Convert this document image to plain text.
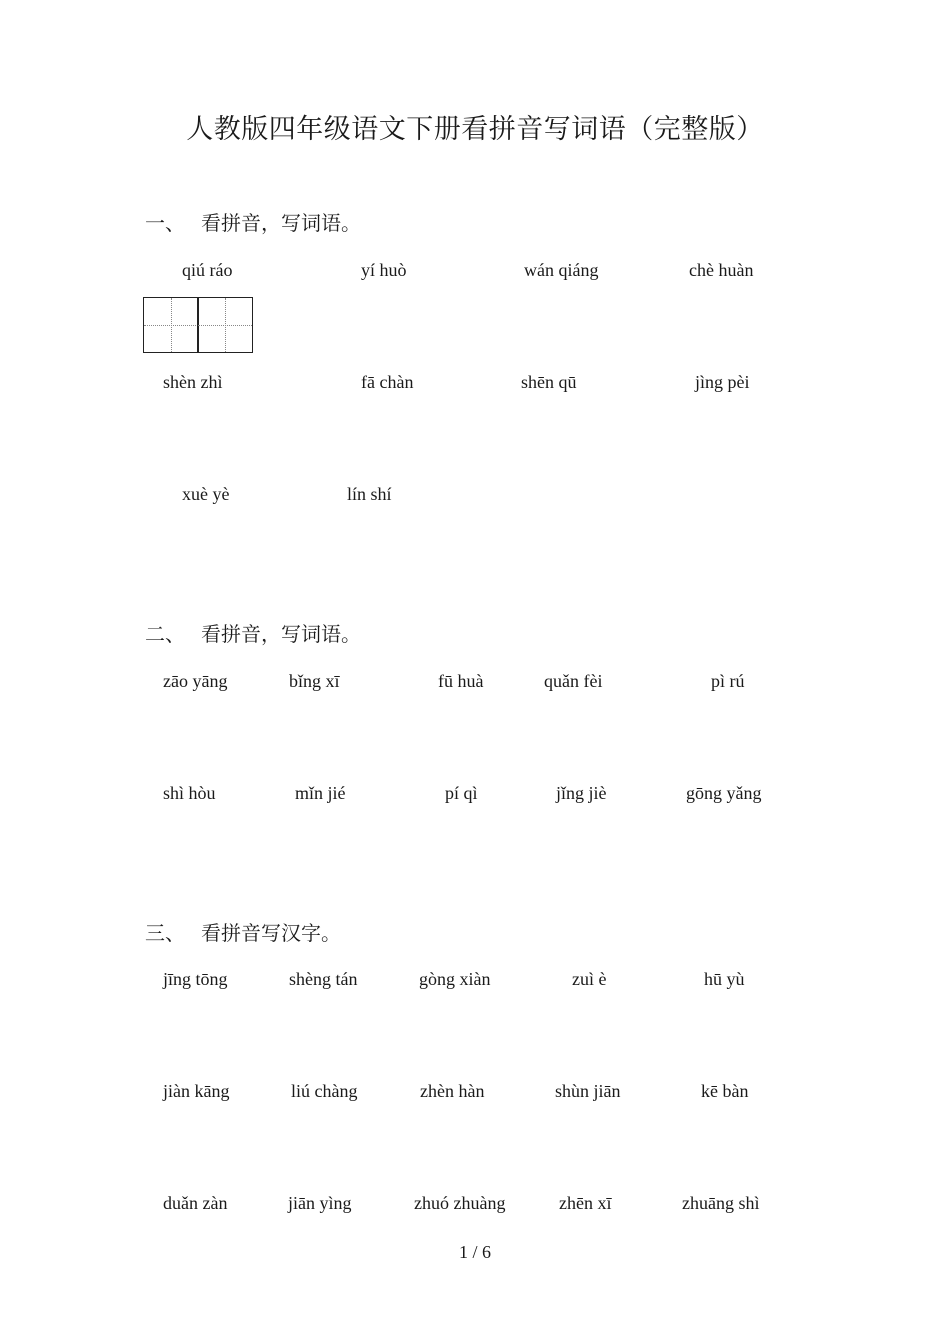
人教版四年级语文下册看拼音写词语（完整版）
一、 看拼音，写词语。
qiú ráo	yí huò	wán qiáng	chè huàn
shèn zhì	fā chàn	shēn qū	jìng pèi
xuè yè	lín shí
二、 看拼音，写词语。
zāo yāng	bǐng xī	fū huà	quǎn fèi	pì rú
shì hòu	mǐn jié	pí qì	jǐng jiè	gōng yǎng
三、 看拼音写汉字。
jīng tōng	shèng tán	gòng xiàn	zuì è	hū yù
jiàn kāng	liú chàng	zhèn hàn	shùn jiān	kē bàn
duǎn zàn	jiān yìng	zhuó zhuàng	zhēn xī	zhuāng shì
1 / 6
